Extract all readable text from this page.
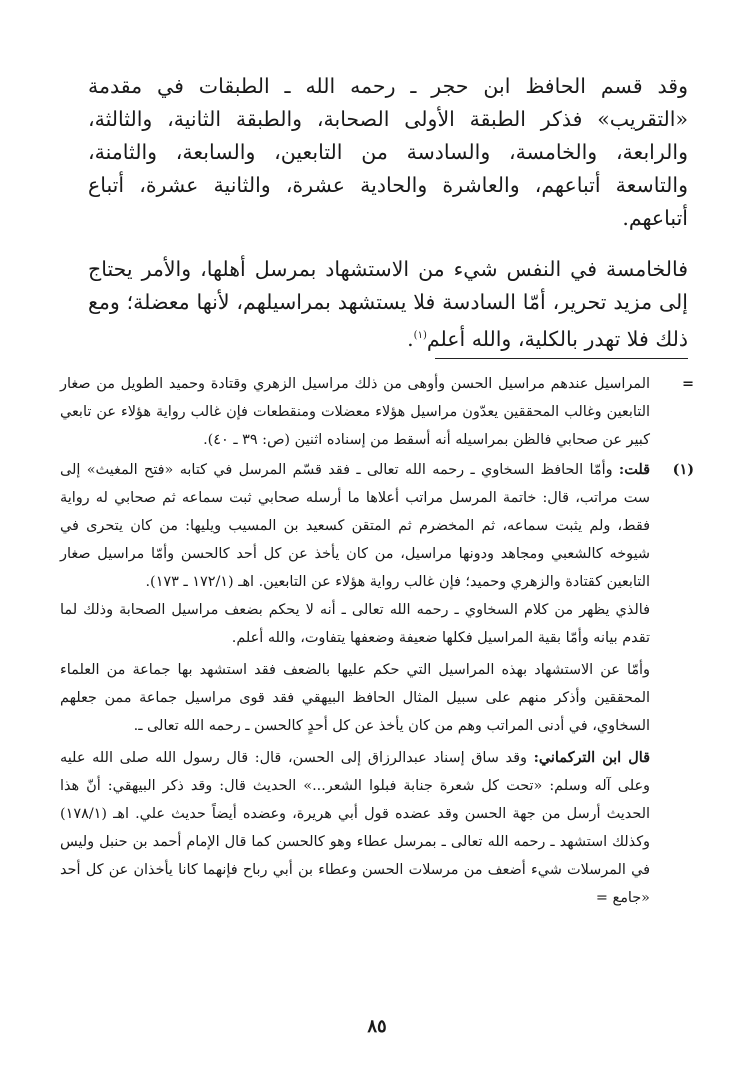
وقد قسم الحافظ ابن حجر ـ رحمه الله ـ الطبقات في مقدمة «التقريب» فذكر الطبقة الأولى الصحابة، والطبقة الثانية، والثالثة، والرابعة، والخامسة، والسادسة من التابعين، والسابعة، والثامنة، والتاسعة أتباعهم، والعاشرة والحادية عشرة، والثانية عشرة، أتباع أتباعهم.

فالخامسة في النفس شيء من الاستشهاد بمرسل أهلها، والأمر يحتاج إلى مزيد تحرير، أمّا السادسة فلا يستشهد بمراسيلهم، لأنها معضلة؛ ومع ذلك فلا تهدر بالكلية، والله أعلم$^{(١)}$.

=

المراسيل عندهم مراسيل الحسن وأوهى من ذلك مراسيل الزهري وقتادة وحميد الطويل من صغار التابعين وغالب المحققين يعدّون مراسيل هؤلاء معضلات ومنقطعات فإن غالب رواية هؤلاء عن تابعي كبير عن صحابي فالظن بمراسيله أنه أسقط من إسناده اثنين (ص: ٣٩ ـ ٤٠).

(١)

قلت: وأمّا الحافظ السخاوي ـ رحمه الله تعالى ـ فقد قسّم المرسل في كتابه «فتح المغيث» إلى ست مراتب، قال: خاتمة المرسل مراتب أعلاها ما أرسله صحابي ثبت سماعه ثم صحابي له رواية فقط، ولم يثبت سماعه، ثم المخضرم ثم المتقن كسعيد بن المسيب ويليها: من كان يتحرى في شيوخه كالشعبي ومجاهد ودونها مراسيل، من كان يأخذ عن كل أحد كالحسن وأمّا مراسيل صغار التابعين كقتادة والزهري وحميد؛ فإن غالب رواية هؤلاء عن التابعين. اهـ (١٧٢/١ ـ ١٧٣).

فالذي يظهر من كلام السخاوي ـ رحمه الله تعالى ـ أنه لا يحكم بضعف مراسيل الصحابة وذلك لما تقدم بيانه وأمّا بقية المراسيل فكلها ضعيفة وضعفها يتفاوت، والله أعلم.

وأمّا عن الاستشهاد بهذه المراسيل التي حكم عليها بالضعف فقد استشهد بها جماعة من العلماء المحققين وأذكر منهم على سبيل المثال الحافظ البيهقي فقد قوى مراسيل جماعة ممن جعلهم السخاوي، في أدنى المراتب وهم من كان يأخذ عن كل أحدٍ كالحسن ـ رحمه الله تعالى ـ.

قال ابن التركماني: وقد ساق إسناد عبدالرزاق إلى الحسن، قال: قال رسول الله صلى الله عليه وعلى آله وسلم: «تحت كل شعرة جنابة فبلوا الشعر...» الحديث قال: وقد ذكر البيهقي: أنّ هذا الحديث أرسل من جهة الحسن وقد عضده قول أبي هريرة، وعضده أيضاً حديث علي. اهـ (١٧٨/١) وكذلك استشهد ـ رحمه الله تعالى ـ بمرسل عطاء وهو كالحسن كما قال الإمام أحمد بن حنبل وليس في المرسلات شيء أضعف من مرسلات الحسن وعطاء بن أبي رباح فإنهما كانا يأخذان عن كل أحد «جامع =

٨٥
